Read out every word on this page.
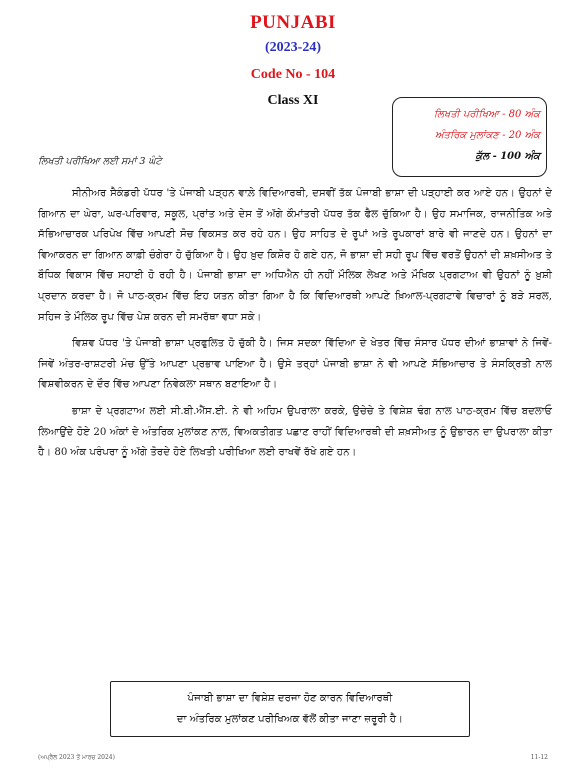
PUNJABI
(2023-24)
Code No - 104
Class XI
ਲਿਖਤੀ ਪਰੀਖਿਆ - 80 ਅੰਕ
ਅੰਤਰਿਕ ਮੁਲਾਂਕਣ - 20 ਅੰਕ
ਕੁੱਲ - 100 ਅੰਕ
ਲਿਖਤੀ ਪਰੀਖਿਆ ਲਈ ਸਮਾਂ 3 ਘੰਟੇ

ਸੀਨੀਅਰ ਸੈਕੰਡਰੀ ਪੱਧਰ 'ਤੇ ਪੰਜਾਬੀ ਪੜ੍ਹਨ ਵਾਲ਼ੇ ਵਿਦਿਆਰਥੀ, ਦਸਵੀਂ ਤੱਕ ਪੰਜਾਬੀ ਭਾਸ਼ਾ ਦੀ ਪੜ੍ਹਾਈ ਕਰ ਆਏ ਹਨ। ਉਹਨਾਂ ਦੇ ਗਿਆਨ ਦਾ ਘੇਰਾ, ਘਰ-ਪਰਿਵਾਰ, ਸਕੂਲ, ਪ੍ਰਾਂਤ ਅਤੇ ਦੇਸ ਤੋਂ ਅੱਗੇ ਕੌਮਾਂਤਰੀ ਪੱਧਰ ਤੱਕ ਫੈਲ ਚੁੱਕਿਆ ਹੈ। ਉਹ ਸਮਾਜਿਕ, ਰਾਜਨੀਤਿਕ ਅਤੇ ਸੱਭਿਆਚਾਰਕ ਪਰਿਪੇਖ ਵਿੱਚ ਆਪਣੀ ਸੋਚ ਵਿਕਸਤ ਕਰ ਰਹੇ ਹਨ। ਉਹ ਸਾਹਿਤ ਦੇ ਰੂਪਾਂ ਅਤੇ ਰੂਪਕਾਰਾਂ ਬਾਰੇ ਵੀ ਜਾਣਦੇ ਹਨ। ਉਹਨਾਂ ਦਾ ਵਿਆਕਰਨ ਦਾ ਗਿਆਨ ਕਾਫ਼ੀ ਚੰਗੇਰਾ ਹੋ ਚੁੱਕਿਆ ਹੈ। ਉਹ ਖ਼ੁਦ ਕਿਸ਼ੋਰ ਹੋ ਗਏ ਹਨ, ਜੋ ਭਾਸ਼ਾ ਦੀ ਸਹੀ ਰੂਪ ਵਿੱਚ ਵਰਤੋਂ ਉਹਨਾਂ ਦੀ ਸ਼ਖ਼ਸੀਅਤ ਤੇ ਬੌਧਿਕ ਵਿਕਾਸ ਵਿੱਚ ਸਹਾਈ ਹੋ ਰਹੀ ਹੈ। ਪੰਜਾਬੀ ਭਾਸ਼ਾ ਦਾ ਅਧਿਐਨ ਹੀ ਨਹੀਂ ਮੌਲਿਕ ਲੇਖਣ ਅਤੇ ਮੌਖਿਕ ਪ੍ਰਗਟਾਅ ਵੀ ਉਹਨਾਂ ਨੂੰ ਖ਼ੁਸ਼ੀ ਪ੍ਰਦਾਨ ਕਰਦਾ ਹੈ। ਜੋ ਪਾਠ-ਕ੍ਰਮ ਵਿੱਚ ਇਹ ਯਤਨ ਕੀਤਾ ਗਿਆ ਹੈ ਕਿ ਵਿਦਿਆਰਥੀ ਆਪਣੇ ਖ਼ਿਆਲ-ਪ੍ਰਗਟਾਵੇ ਵਿਚਾਰਾਂ ਨੂੰ ਬੜੇ ਸਰਲ, ਸਹਿਜ ਤੇ ਮੌਲਿਕ ਰੂਪ ਵਿੱਚ ਪੇਸ਼ ਕਰਨ ਦੀ ਸਮਰੱਥਾ ਵਧਾ ਸਕੇ।

ਵਿਸ਼ਵ ਪੱਧਰ 'ਤੇ ਪੰਜਾਬੀ ਭਾਸ਼ਾ ਪ੍ਰਫੁਲਿਤ ਹੋ ਚੁੱਕੀ ਹੈ। ਜਿਸ ਸਦਕਾ ਵਿੱਦਿਆ ਦੇ ਖੇਤਰ ਵਿੱਚ ਸੰਸਾਰ ਪੱਧਰ ਦੀਆਂ ਭਾਸ਼ਾਵਾਂ ਨੇ ਜਿਵੇਂ-ਜਿਵੇਂ ਅੰਤਰ-ਰਾਸ਼ਟਰੀ ਮੰਚ ਉੱਤੇ ਆਪਣਾ ਪ੍ਰਭਾਵ ਪਾਇਆ ਹੈ। ਉਸੇ ਤਰ੍ਹਾਂ ਪੰਜਾਬੀ ਭਾਸ਼ਾ ਨੇ ਵੀ ਆਪਣੇ ਸੱਭਿਆਚਾਰ ਤੇ ਸੰਸਕ੍ਰਿਤੀ ਨਾਲ ਵਿਸ਼ਵੀਕਰਨ ਦੇ ਦੌਰ ਵਿੱਚ ਆਪਣਾ ਨਿਵੇਕਲਾ ਸਥਾਨ ਬਣਾਇਆ ਹੈ।

ਭਾਸ਼ਾ ਦੇ ਪ੍ਰਗਟਾਅ ਲਈ ਸੀ.ਬੀ.ਐੱਸ.ਈ. ਨੇ ਵੀ ਅਹਿਮ ਉਪਰਾਲਾ ਕਰਕੇ, ਉਚੇਚੇ ਤੇ ਵਿਸ਼ੇਸ਼ ਢੰਗ ਨਾਲ ਪਾਠ-ਕ੍ਰਮ ਵਿੱਚ ਬਦਲਾਓ ਲਿਆਉਂਦੇ ਹੋਏ 20 ਅੰਕਾਂ ਦੇ ਅੰਤਰਿਕ ਮੁਲਾਂਕਣ ਨਾਲ, ਵਿਅਕਤੀਗਤ ਪਛਾਣ ਰਾਹੀਂ ਵਿਦਿਆਰਥੀ ਦੀ ਸ਼ਖ਼ਸੀਅਤ ਨੂੰ ਉਭਾਰਨ ਦਾ ਉਪਰਾਲਾ ਕੀਤਾ ਹੈ। 80 ਅੰਕ ਪਰੰਪਰਾ ਨੂੰ ਅੱਗੇ ਤੋਰਦੇ ਹੋਏ ਲਿਖਤੀ ਪਰੀਖਿਆ ਲਈ ਰਾਖਵੇਂ ਰੱਖੇ ਗਏ ਹਨ।

ਪੰਜਾਬੀ ਭਾਸ਼ਾ ਦਾ ਵਿਸ਼ੇਸ਼ ਦਰਜਾ ਹੋਣ ਕਾਰਨ ਵਿਦਿਆਰਥੀ
ਦਾ ਅੰਤਰਿਕ ਮੁਲਾਂਕਣ ਪਰੀਖਿਅਕ ਵੱਲੋਂ ਕੀਤਾ ਜਾਣਾ ਜ਼ਰੂਰੀ ਹੈ।
(ਅਪ੍ਰੈਲ 2023 ਤੋਂ ਮਾਰਚ 2024)	11-12
